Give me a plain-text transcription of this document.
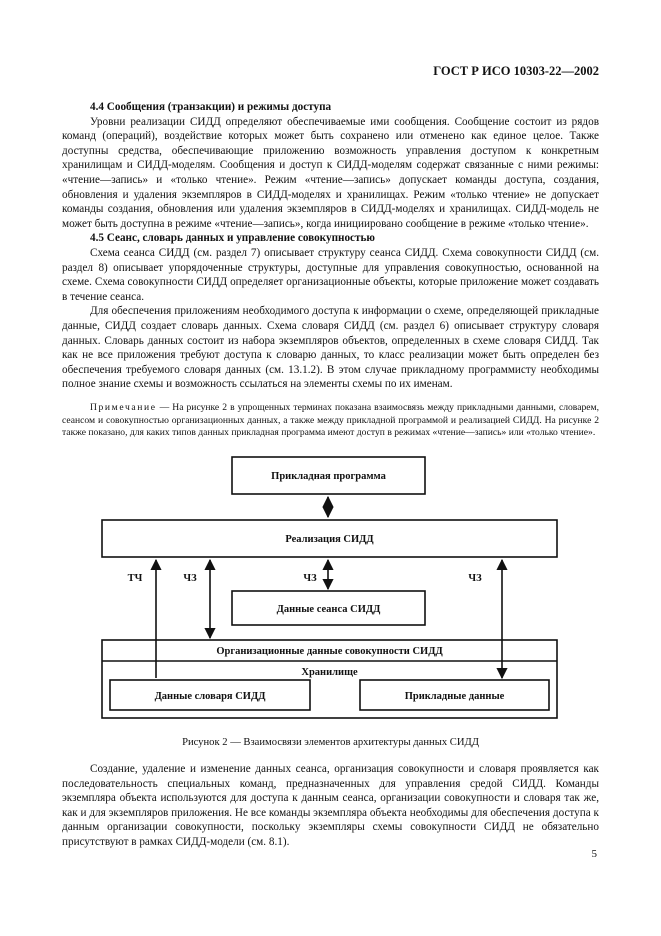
ГОСТ Р ИСО 10303-22—2002
4.4 Сообщения (транзакции) и режимы доступа

Уровни реализации СИДД определяют обеспечиваемые ими сообщения. Сообщение состоит из рядов команд (операций), воздействие которых может быть сохранено или отменено как единое целое. Также доступны средства, обеспечивающие приложению возможность управления доступом к конкретным хранилищам и СИДД-моделям. Сообщения и доступ к СИДД-моделям содержат связанные с ними режимы: «чтение—запись» и «только чтение». Режим «чтение—запись» допускает команды доступа, создания, обновления и удаления экземпляров в СИДД-моделях и хранилищах. Режим «только чтение» не допускает команды создания, обновления или удаления экземпляров в СИДД-моделях и хранилищах. СИДД-модель не может быть доступна в режиме «чтение—запись», когда инициировано сообщение в режиме «только чтение».

4.5 Сеанс, словарь данных и управление совокупностью

Схема сеанса СИДД (см. раздел 7) описывает структуру сеанса СИДД. Схема совокупности СИДД (см. раздел 8) описывает упорядоченные структуры, доступные для управления совокупностью, основанной на схеме. Схема совокупности СИДД определяет организационные объекты, которые приложение может создавать в течение сеанса.

Для обеспечения приложениям необходимого доступа к информации о схеме, определяющей прикладные данные, СИДД создает словарь данных. Схема словаря СИДД (см. раздел 6) описывает структуру словаря данных. Словарь данных состоит из набора экземпляров объектов, определенных в схеме словаря СИДД. Так как не все приложения требуют доступа к словарю данных, то класс реализации может быть определен без обеспечения требуемого словаря данных (см. 13.1.2). В этом случае прикладному программисту необходимы полное знание схемы и возможность ссылаться на элементы схемы по их именам.

Примечание — На рисунке 2 в упрощенных терминах показана взаимосвязь между прикладными данными, словарем, сеансом и совокупностью организационных данных, а также между прикладной программой и реализацией СИДД. На рисунке 2 также показано, для каких типов данных прикладная программа имеют доступ в режимах «чтение—запись» или «только чтение».
Прикладная программа
Реализация СИДД
Данные сеанса СИДД
Организационные данные совокупности СИДД
Хранилище
Данные словаря СИДД	Прикладные данные
ТЧ	ЧЗ	ЧЗ	ЧЗ
Рисунок 2 — Взаимосвязи элементов архитектуры данных СИДД

Создание, удаление и изменение данных сеанса, организация совокупности и словаря проявляется как последовательность специальных команд, предназначенных для управления средой СИДД. Команды экземпляра объекта используются для доступа к данным сеанса, организации совокупности и словаря так же, как и для экземпляров приложения. Не все команды экземпляра объекта необходимы для обеспечения доступа к данным организации совокупности, поскольку экземпляры схемы совокупности СИДД не обязательно присутствуют в рамках СИДД-модели (см. 8.1).

5
